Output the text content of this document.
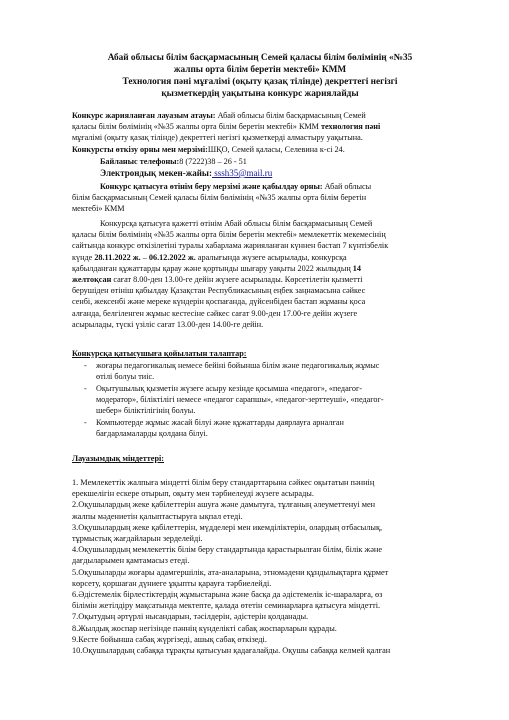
Абай облысы білім басқармасының Семей қаласы білім бөлімінің «№35
жалпы орта білім беретін мектебі» КММ
Технология пәні мұғалімі (оқыту қазақ тілінде) декреттегі негізгі
қызметкердің уақытына конкурс жариялайды
Конкурс жарияланған лауазым атауы: Абай облысы білім басқармасының Семей
қаласы білім бөлімінің «№35 жалпы орта білім беретін мектебі» КММ технология пәні
мұғалімі (оқыту қазақ тілінде) декреттегі негізгі қызметкерді алмастыру уақытына.
Конкурсты өткізу орны мен мерзімі:ШҚО, Семей қаласы, Селевина к-сі 24.
Байланыс телефоны:8 (7222)38 – 26 - 51
Электрондық мекен-жайы: sssh35@mail.ru
Конкурс қатысуға өтінім беру мерзімі және қабылдау орны: Абай облысы
білім басқармасының Семей қаласы білім бөлімінің «№35 жалпы орта білім беретін
мектебі» КММ
Конкурсқа қатысуға қажетті өтінім Абай облысы білім басқармасының Семей
қаласы білім бөлімінің «№35 жалпы орта білім беретін мектебі» мемлекеттік мекемесінің
сайтында конкурс өткізілетіні туралы хабарлама жарияланған күннен бастап 7 күнтізбелік
күнде 28.11.2022 ж. – 06.12.2022 ж. аралығында жүзеге асырылады, конкурсқа
қабылданған құжаттарды қарау және қортынды шығару уақыты 2022 жылыдың 14
желтоқсан сағат 8.00-ден 13.00-ге дейін жүзеге асырылады. Көрсетілетін қызметті
берушіден өтініш қабылдау Қазақстан Республикасының еңбек заңнамасына сәйкес
сенбі, жексенбі және мереке күндерін қоспағанда, дүйсенбіден бастап жұманы қоса
алғанда, белгіленген жұмыс кестесіне сәйкес сағат 9.00-ден 17.00-ге дейін жүзеге
асырылады, түскі үзіліс сағат 13.00-ден 14.00-ге дейін.
Конкурсқа қатысушыға қойылатын талаптар:
- жоғары педагогикалық немесе бейіні бойынша білім және педагогикалық жұмыс
өтілі болуы тиіс.
- Оқытушылық қызметін жүзеге асыру кезінде қосымша «педагог», «педагог-
модератор», біліктілігі немесе «педагог сарапшы», «педагог-зерттеуші», «педагог-
шебер» біліктілігінің болуы.
- Компьютерде жұмыс жасай білуі және құжаттарды даярлауға арналған
бағдарламаларды қолдана білуі.
Лауазымдық міндеттері:
1. Мемлекеттік жалпыға міндетті білім беру стандарттарына сәйкес оқытатын пәннің
ерекшелігін ескере отырып, оқыту мен тәрбиелеуді жүзеге асырады.
2.Оқушылардың жеке қабілеттерін ашуға және дамытуға, тұлғаның әлеуметтенуі мен
жалпы мәдениетін қалыптастыруға ықпал етеді.
3.Оқушылардың жеке қабілеттерін, мүдделері мен икемділіктерін, олардың отбасылық,
тұрмыстық жағдайларын зерделейді.
4.Оқушылардың мемлекеттік білім беру стандартында қарастырылған білім, білік және
дағдыларымен қамтамасыз етеді.
5.Оқушыларды жоғары адамгершілік, ата-аналарына, этномәдени құндылықтарға құрмет
көрсету, қоршаған дүниеге ұқыпты қарауға тәрбиелейді.
6.Әдістемелік бірлестіктердің жұмыстарына және басқа да әдістемелік іс-шараларға, өз
білімін жетілдіру мақсатында мектепте, қалада өтетін семинарларға қатысуға міндетті.
7.Оқытудың әртүрлі нысандарын, тәсілдерін, әдістерін қолданады.
8.Жылдық жоспар негізінде пәннің күнделікті сабақ жоспарларын құрады.
9.Кесте бойынша сабақ жүргізеді, ашық сабақ өткізеді.
10.Оқушылардың сабаққа тұрақты қатысуын қадағалайды. Оқушы сабаққа келмей қалған
